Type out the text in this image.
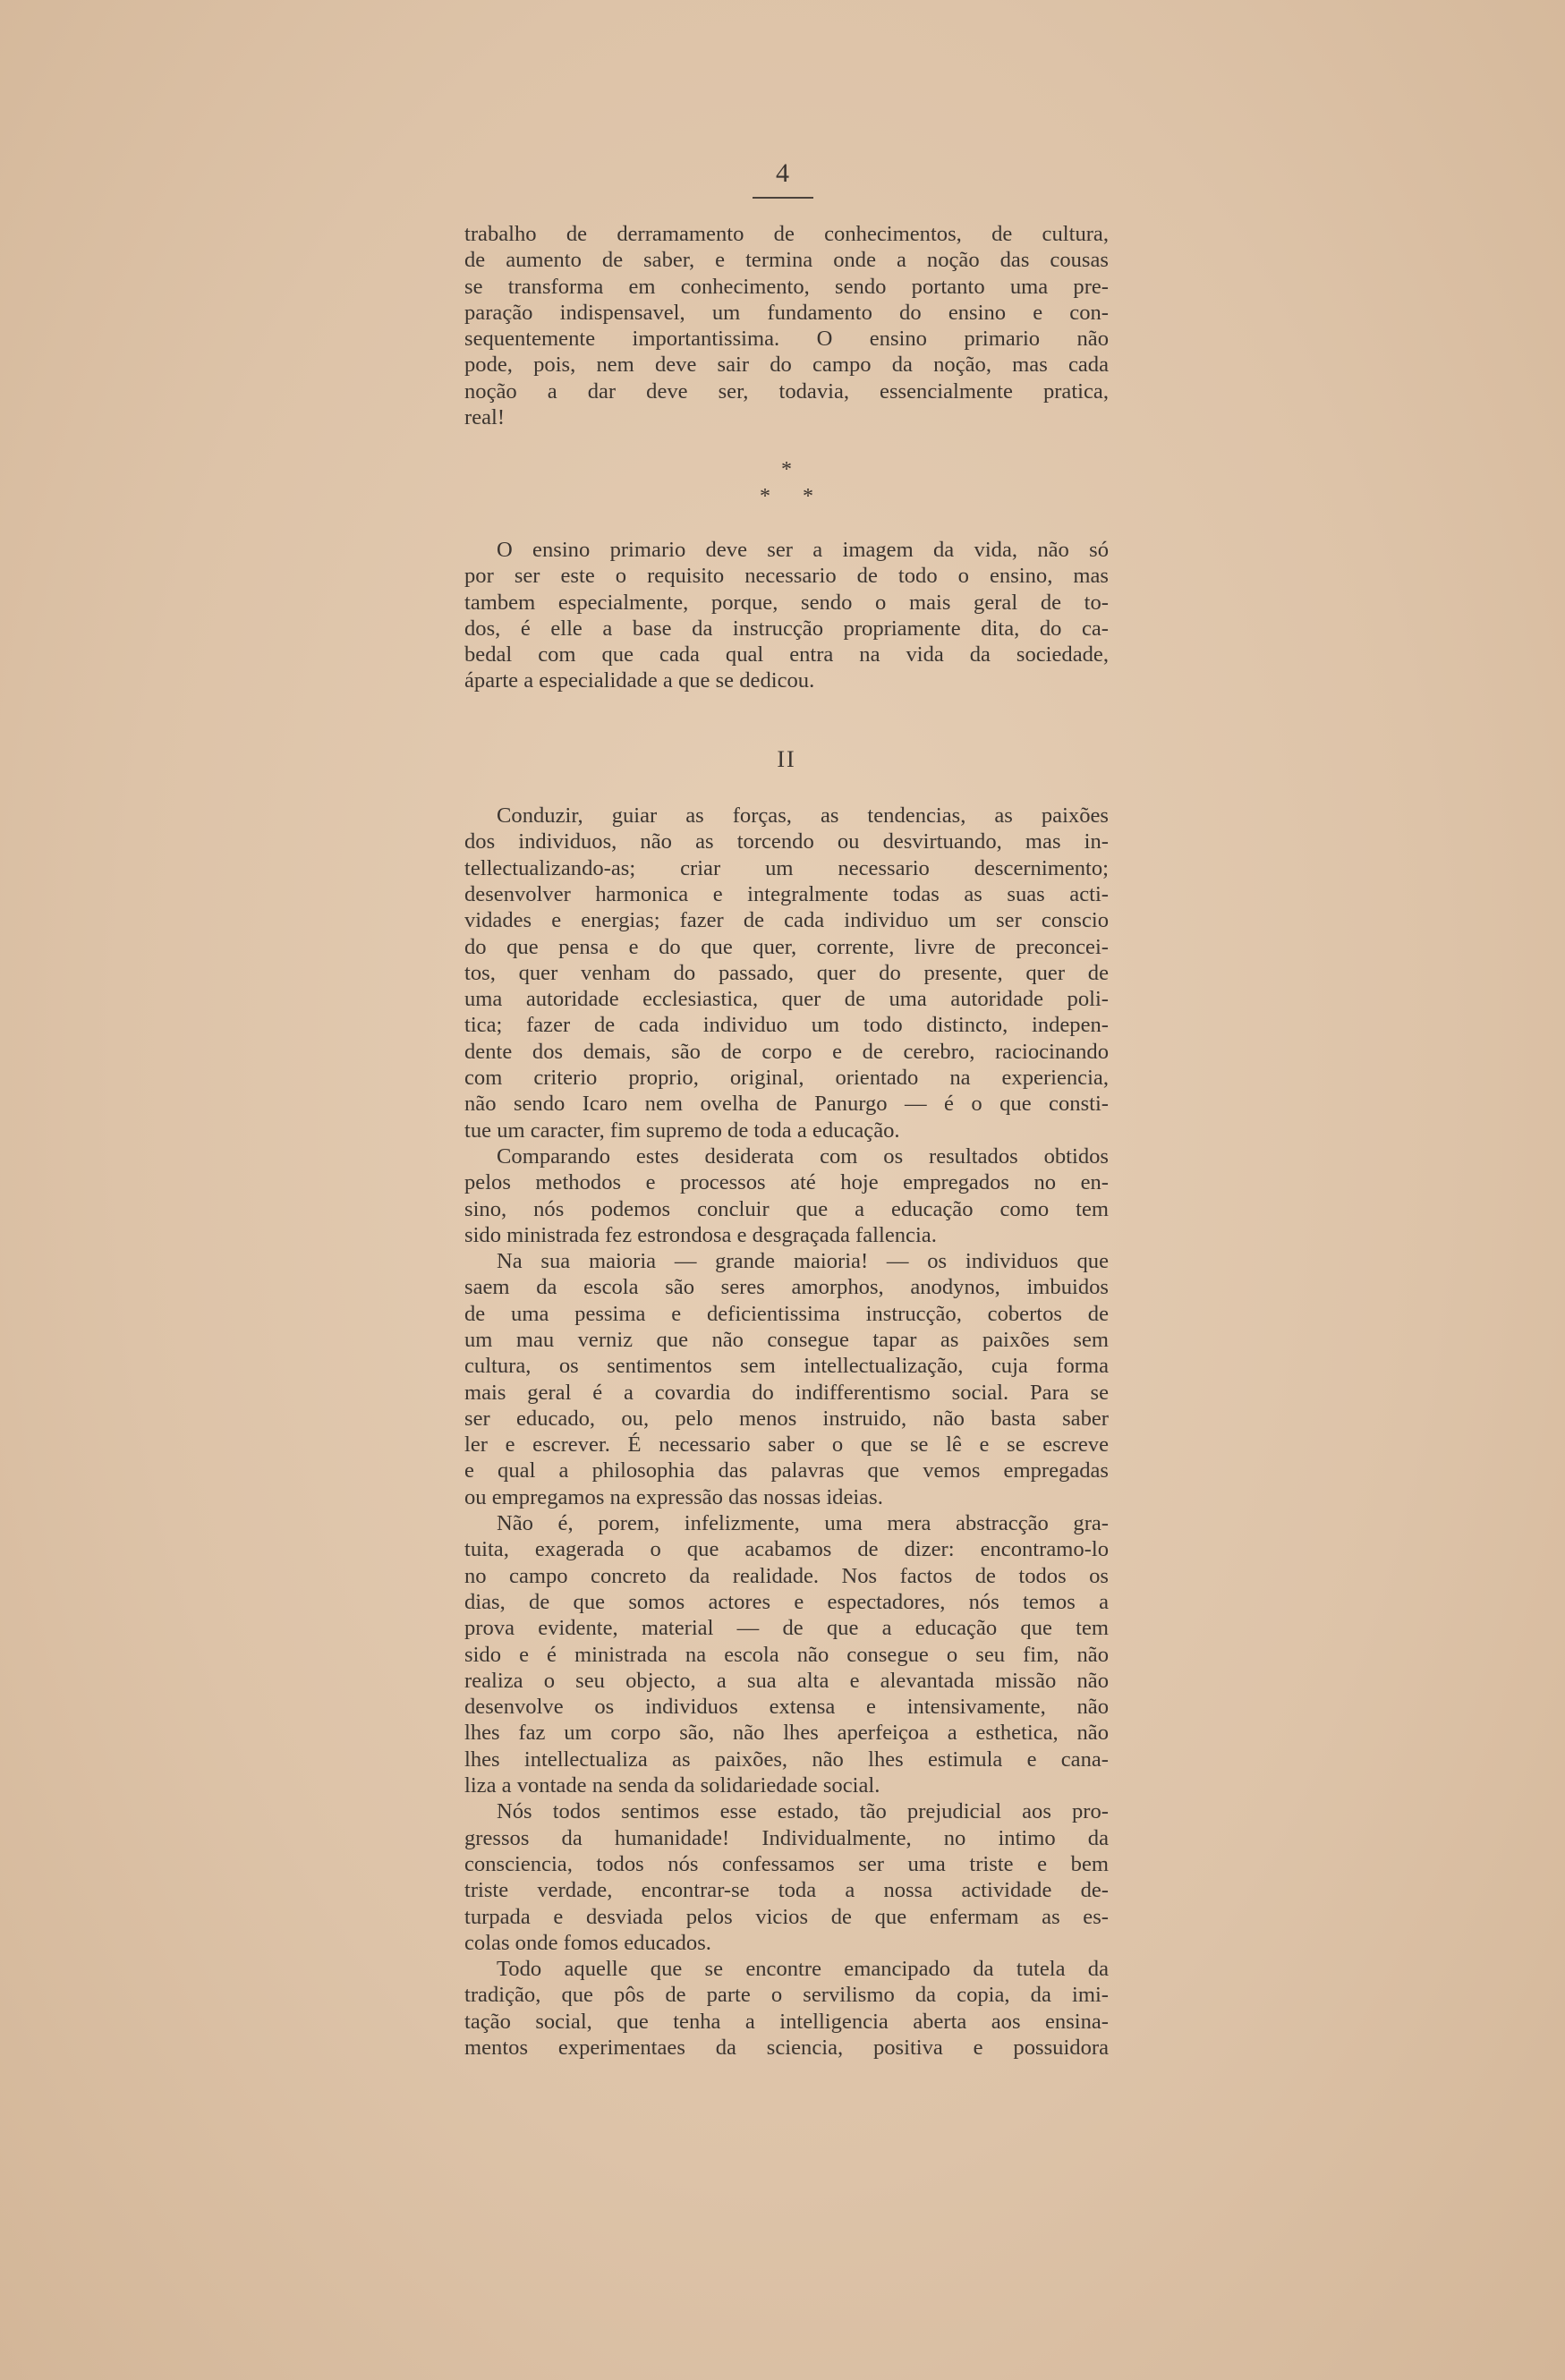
4
trabalho de derramamento de conhecimentos, de cultura,
de aumento de saber, e termina onde a noção das cousas
se transforma em conhecimento, sendo portanto uma pre-
paração indispensavel, um fundamento do ensino e con-
sequentemente importantissima. O ensino primario não
pode, pois, nem deve sair do campo da noção, mas cada
noção a dar deve ser, todavia, essencialmente pratica,
real!
*
*      *
O ensino primario deve ser a imagem da vida, não só
por ser este o requisito necessario de todo o ensino, mas
tambem especialmente, porque, sendo o mais geral de to-
dos, é elle a base da instrucção propriamente dita, do ca-
bedal com que cada qual entra na vida da sociedade,
áparte a especialidade a que se dedicou.
II
Conduzir, guiar as forças, as tendencias, as paixões
dos individuos, não as torcendo ou desvirtuando, mas in-
tellectualizando-as; criar um necessario descernimento;
desenvolver harmonica e integralmente todas as suas acti-
vidades e energias; fazer de cada individuo um ser conscio
do que pensa e do que quer, corrente, livre de preconcei-
tos, quer venham do passado, quer do presente, quer de
uma autoridade ecclesiastica, quer de uma autoridade poli-
tica; fazer de cada individuo um todo distincto, indepen-
dente dos demais, são de corpo e de cerebro, raciocinando
com criterio proprio, original, orientado na experiencia,
não sendo Icaro nem ovelha de Panurgo — é o que consti-
tue um caracter, fim supremo de toda a educação.
Comparando estes desiderata com os resultados obtidos
pelos methodos e processos até hoje empregados no en-
sino, nós podemos concluir que a educação como tem
sido ministrada fez estrondosa e desgraçada fallencia.
Na sua maioria — grande maioria! — os individuos que
saem da escola são seres amorphos, anodynos, imbuidos
de uma pessima e deficientissima instrucção, cobertos de
um mau verniz que não consegue tapar as paixões sem
cultura, os sentimentos sem intellectualização, cuja forma
mais geral é a covardia do indifferentismo social. Para se
ser educado, ou, pelo menos instruido, não basta saber
ler e escrever. É necessario saber o que se lê e se escreve
e qual a philosophia das palavras que vemos empregadas
ou empregamos na expressão das nossas ideias.
Não é, porem, infelizmente, uma mera abstracção gra-
tuita, exagerada o que acabamos de dizer: encontramo-lo
no campo concreto da realidade. Nos factos de todos os
dias, de que somos actores e espectadores, nós temos a
prova evidente, material — de que a educação que tem
sido e é ministrada na escola não consegue o seu fim, não
realiza o seu objecto, a sua alta e alevantada missão não
desenvolve os individuos extensa e intensivamente, não
lhes faz um corpo são, não lhes aperfeiçoa a esthetica, não
lhes intellectualiza as paixões, não lhes estimula e cana-
liza a vontade na senda da solidariedade social.
Nós todos sentimos esse estado, tão prejudicial aos pro-
gressos da humanidade! Individualmente, no intimo da
consciencia, todos nós confessamos ser uma triste e bem
triste verdade, encontrar-se toda a nossa actividade de-
turpada e desviada pelos vicios de que enfermam as es-
colas onde fomos educados.
Todo aquelle que se encontre emancipado da tutela da
tradição, que pôs de parte o servilismo da copia, da imi-
tação social, que tenha a intelligencia aberta aos ensina-
mentos experimentaes da sciencia, positiva e possuidora
